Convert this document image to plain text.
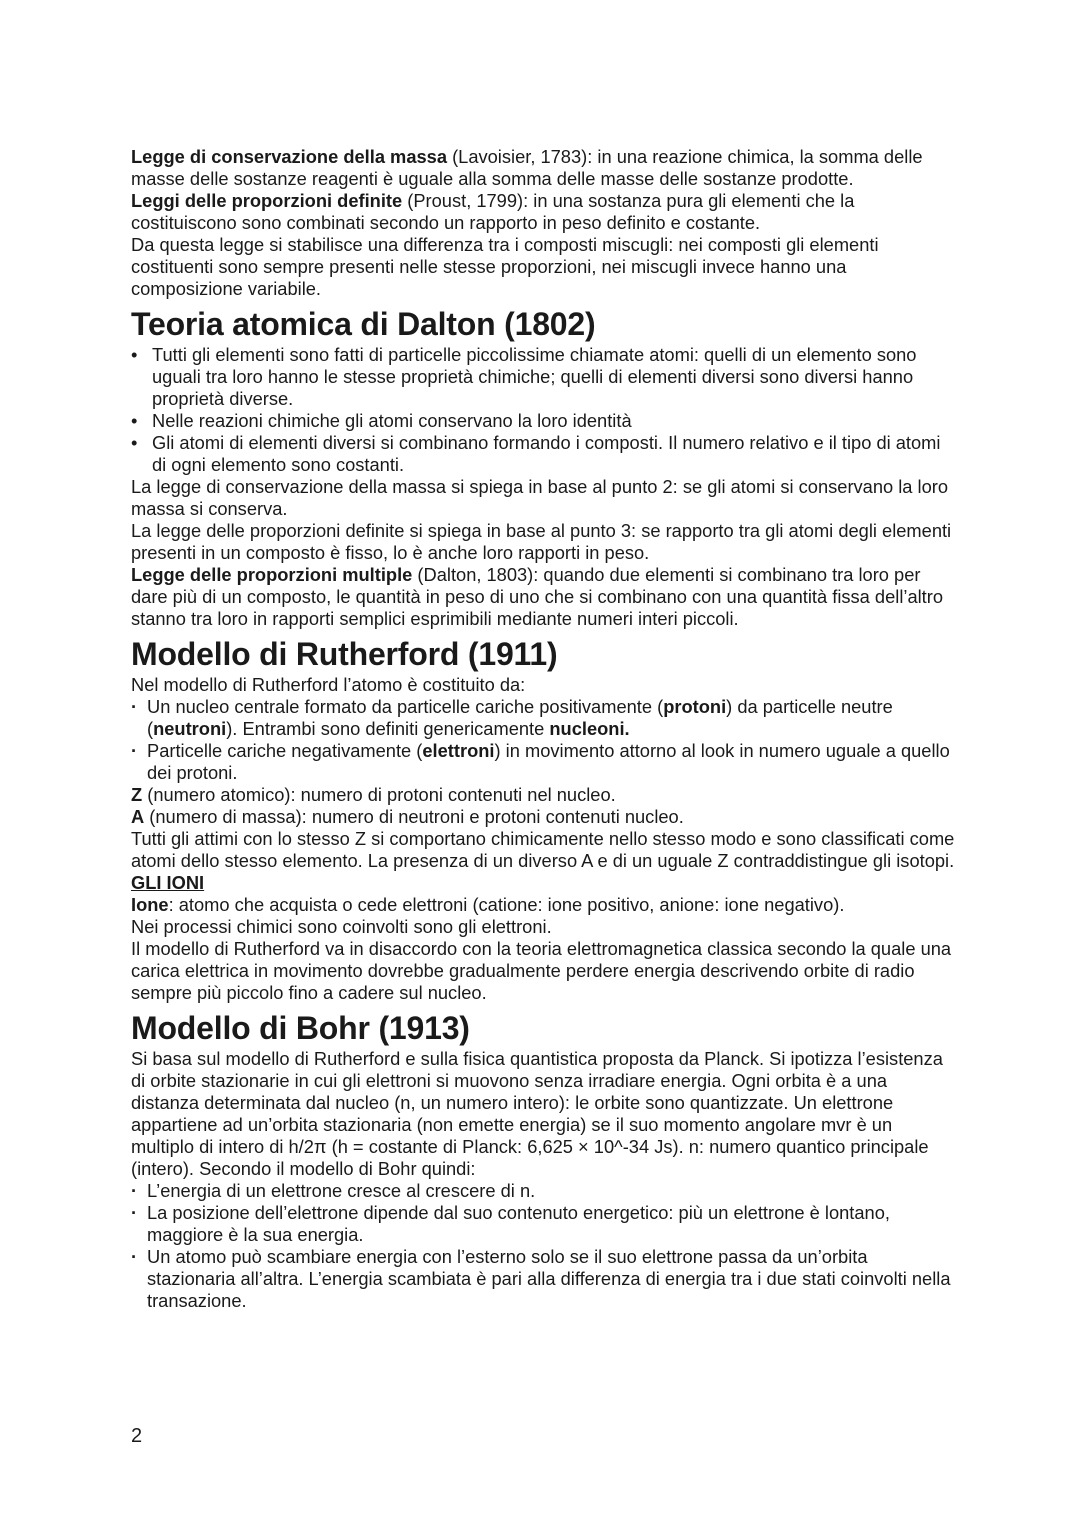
Legge di conservazione della massa (Lavoisier, 1783): in una reazione chimica, la somma delle masse delle sostanze reagenti è uguale alla somma delle masse delle sostanze prodotte.

Leggi delle proporzioni definite (Proust, 1799): in una sostanza pura gli elementi che la costituiscono sono combinati secondo un rapporto in peso definito e costante.

Da questa legge si stabilisce una differenza tra i composti miscugli: nei composti gli elementi costituenti sono sempre presenti nelle stesse proporzioni, nei miscugli invece hanno una composizione variabile.

Teoria atomica di Dalton (1802)
• Tutti gli elementi sono fatti di particelle piccolissime chiamate atomi: quelli di un elemento sono uguali tra loro hanno le stesse proprietà chimiche; quelli di elementi diversi sono diversi hanno proprietà diverse.
• Nelle reazioni chimiche gli atomi conservano la loro identità
• Gli atomi di elementi diversi si combinano formando i composti. Il numero relativo e il tipo di atomi di ogni elemento sono costanti.

La legge di conservazione della massa si spiega in base al punto 2: se gli atomi si conservano la loro massa si conserva.

La legge delle proporzioni definite si spiega in base al punto 3: se rapporto tra gli atomi degli elementi presenti in un composto è fisso, lo è anche loro rapporti in peso.

Legge delle proporzioni multiple (Dalton, 1803): quando due elementi si combinano tra loro per dare più di un composto, le quantità in peso di uno che si combinano con una quantità fissa dell’altro stanno tra loro in rapporti semplici esprimibili mediante numeri interi piccoli.

Modello di Rutherford (1911)

Nel modello di Rutherford l’atomo è costituito da:

· Un nucleo centrale formato da particelle cariche positivamente (protoni) da particelle neutre (neutroni). Entrambi sono definiti genericamente nucleoni.
· Particelle cariche negativamente (elettroni) in movimento attorno al look in numero uguale a quello dei protoni.

Z (numero atomico): numero di protoni contenuti nel nucleo.

A (numero di massa): numero di neutroni e protoni contenuti nucleo.

Tutti gli attimi con lo stesso Z si comportano chimicamente nello stesso modo e sono classificati come atomi dello stesso elemento. La presenza di un diverso A e di un uguale Z contraddistingue gli isotopi.

GLI IONI

Ione: atomo che acquista o cede elettroni (catione: ione positivo, anione: ione negativo).

Nei processi chimici sono coinvolti sono gli elettroni.

Il modello di Rutherford va in disaccordo con la teoria elettromagnetica classica secondo la quale una carica elettrica in movimento dovrebbe gradualmente perdere energia descrivendo orbite di radio sempre più piccolo fino a cadere sul nucleo.

Modello di Bohr (1913)

Si basa sul modello di Rutherford e sulla fisica quantistica proposta da Planck. Si ipotizza l’esistenza di orbite stazionarie in cui gli elettroni si muovono senza irradiare energia. Ogni orbita è a una distanza determinata dal nucleo (n, un numero intero): le orbite sono quantizzate. Un elettrone appartiene ad un’orbita stazionaria (non emette energia) se il suo momento angolare mvr è un multiplo di intero di h/2π (h = costante di Planck: 6,625 × 10^-34 Js). n: numero quantico principale (intero). Secondo il modello di Bohr quindi:

· L’energia di un elettrone cresce al crescere di n.
· La posizione dell’elettrone dipende dal suo contenuto energetico: più un elettrone è lontano, maggiore è la sua energia.
· Un atomo può scambiare energia con l’esterno solo se il suo elettrone passa da un’orbita stazionaria all’altra. L’energia scambiata è pari alla differenza di energia tra i due stati coinvolti nella transazione.
2
